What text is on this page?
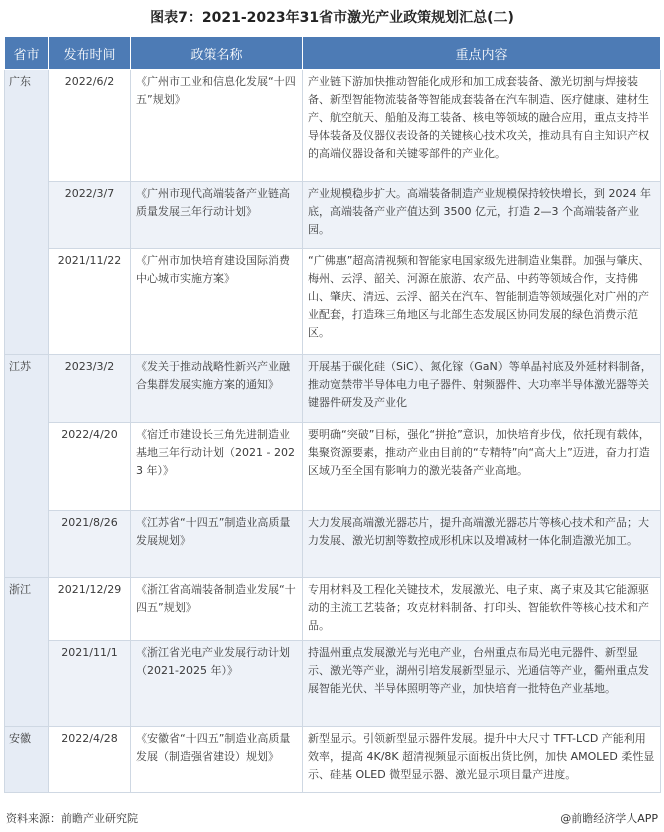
图表7：2021-2023年31省市激光产业政策规划汇总(二)
省市	发布时间	政策名称	重点内容
广东	2022/6/2	《广州市工业和信息化发展“十四五”规划》	产业链下游加快推动智能化成形和加工成套装备、激光切割与焊接装备、新型智能物流装备等智能成套装备在汽车制造、医疗健康、建材生产、航空航天、船舶及海工装备、核电等领域的融合应用，重点支持半导体装备及仪器仪表设备的关键核心技术攻关，推动具有自主知识产权的高端仪器设备和关键零部件的产业化。
	2022/3/7	《广州市现代高端装备产业链高质量发展三年行动计划》	产业规模稳步扩大。高端装备制造产业规模保持较快增长，到 2024 年底，高端装备产业产值达到 3500 亿元，打造 2—3 个高端装备产业园。
	2021/11/22	《广州市加快培育建设国际消费中心城市实施方案》	“广佛惠”超高清视频和智能家电国家级先进制造业集群。加强与肇庆、梅州、云浮、韶关、河源在旅游、农产品、中药等领域合作，支持佛山、肇庆、清远、云浮、韶关在汽车、智能制造等领域强化对广州的产业配套，打造珠三角地区与北部生态发展区协同发展的绿色消费示范区。
江苏	2023/3/2	《发关于推动战略性新兴产业融合集群发展实施方案的通知》	开展基于碳化硅（SiC）、氮化镓（GaN）等单晶衬底及外延材料制备，推动宽禁带半导体电力电子器件、射频器件、大功率半导体激光器等关键器件研发及产业化
	2022/4/20	《宿迁市建设长三角先进制造业基地三年行动计划（2021 - 2023 年）》	要明确“突破”目标，强化“拼抢”意识，加快培育步伐，依托现有载体，集聚资源要素，推动产业由目前的“专精特”向“高大上”迈进，奋力打造区域乃至全国有影响力的激光装备产业高地。
	2021/8/26	《江苏省“十四五”制造业高质量发展规划》	大力发展高端激光器芯片，提升高端激光器芯片等核心技术和产品；大力发展、激光切割等数控成形机床以及增减材一体化制造激光加工。
浙江	2021/12/29	《浙江省高端装备制造业发展“十四五”规划》	专用材料及工程化关键技术，发展激光、电子束、离子束及其它能源驱动的主流工艺装备；攻克材料制备、打印头、智能软件等核心技术和产品。
	2021/11/1	《浙江省光电产业发展行动计划（2021-2025 年）》	持温州重点发展激光与光电产业，台州重点布局光电元器件、新型显示、激光等产业，湖州引培发展新型显示、光通信等产业，衢州重点发展智能光伏、半导体照明等产业，加快培育一批特色产业基地。
安徽	2022/4/28	《安徽省“十四五”制造业高质量发展（制造强省建设）规划》	新型显示。引领新型显示器件发展。提升中大尺寸 TFT-LCD 产能利用效率，提高 4K/8K 超清视频显示面板出货比例，加快 AMOLED 柔性显示、硅基 OLED 微型显示器、激光显示项目量产进度。
资料来源：前瞻产业研究院	@前瞻经济学人APP
